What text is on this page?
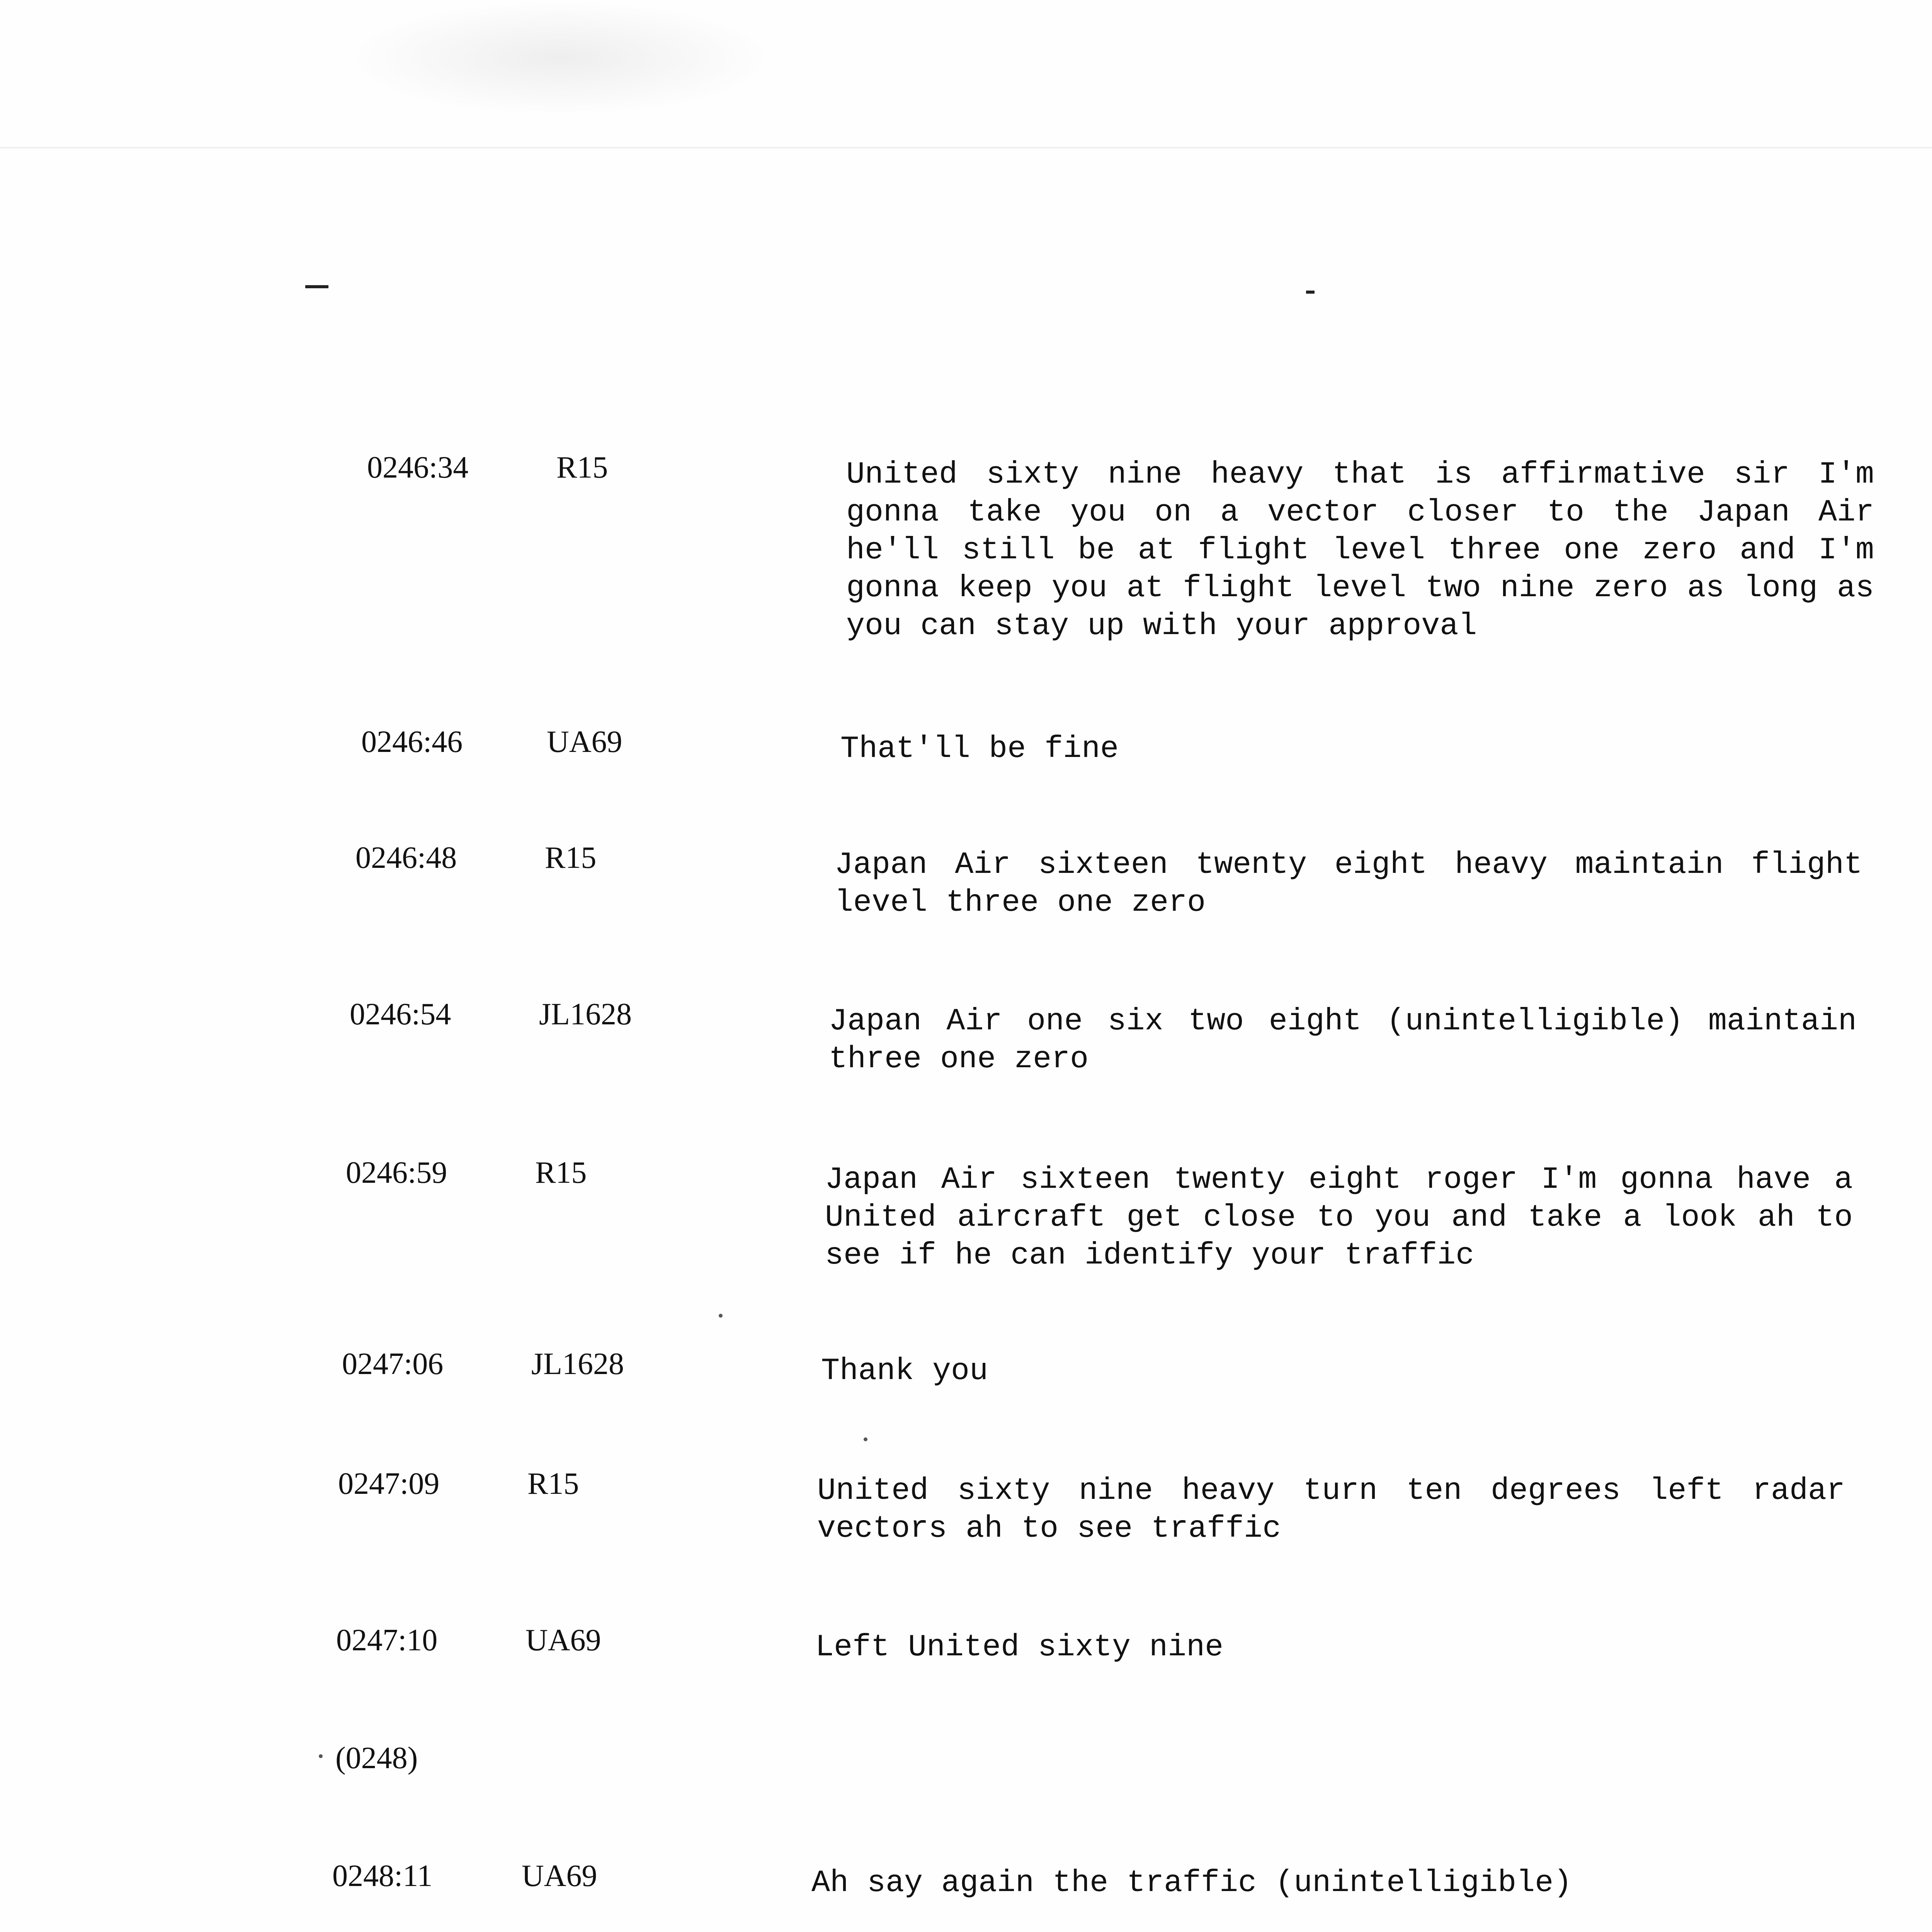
0246:34	R15	United sixty nine heavy that is affirmative sir I'm gonna take you on a vector closer to the Japan Air he'll still be at flight level three one zero and I'm gonna keep you at flight level two nine zero as long as you can stay up with your approval
0246:46	UA69	That'll be fine
0246:48	R15	Japan Air sixteen twenty eight heavy maintain flight level three one zero
0246:54	JL1628	Japan Air one six two eight (unintelligible) maintain three one zero
0246:59	R15	Japan Air sixteen twenty eight roger I'm gonna have a United aircraft get close to you and take a look ah to see if he can identify your traffic
0247:06	JL1628	Thank you
0247:09	R15	United sixty nine heavy turn ten degrees left radar vectors ah to see traffic
0247:10	UA69	Left United sixty nine
(0248)
0248:11	UA69	Ah say again the traffic (unintelligible)
